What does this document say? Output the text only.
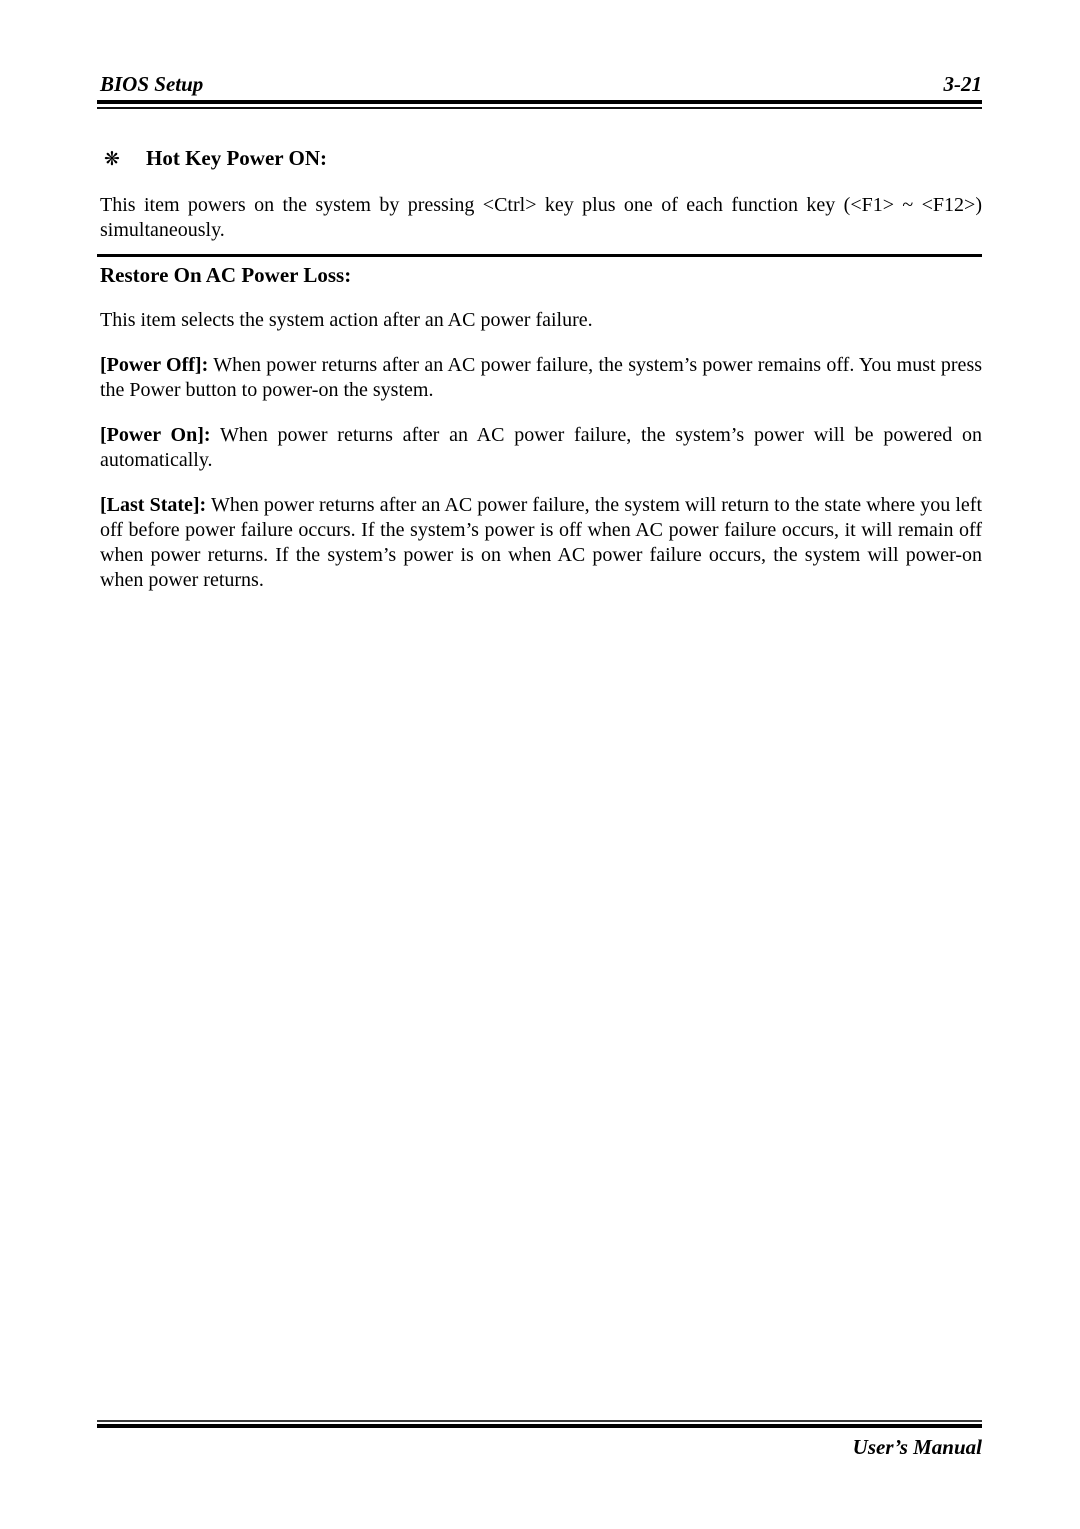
BIOS Setup	3-21
❋	Hot Key Power ON:

This item powers on the system by pressing <Ctrl> key plus one of each function key (<F1> ~ <F12>) simultaneously.

Restore On AC Power Loss:

This item selects the system action after an AC power failure.

[Power Off]: When power returns after an AC power failure, the system’s power remains off. You must press the Power button to power-on the system.

[Power On]: When power returns after an AC power failure, the system’s power will be powered on automatically.

[Last State]: When power returns after an AC power failure, the system will return to the state where you left off before power failure occurs. If the system’s power is off when AC power failure occurs, it will remain off when power returns. If the system’s power is on when AC power failure occurs, the system will power-on when power returns.

User’s Manual
